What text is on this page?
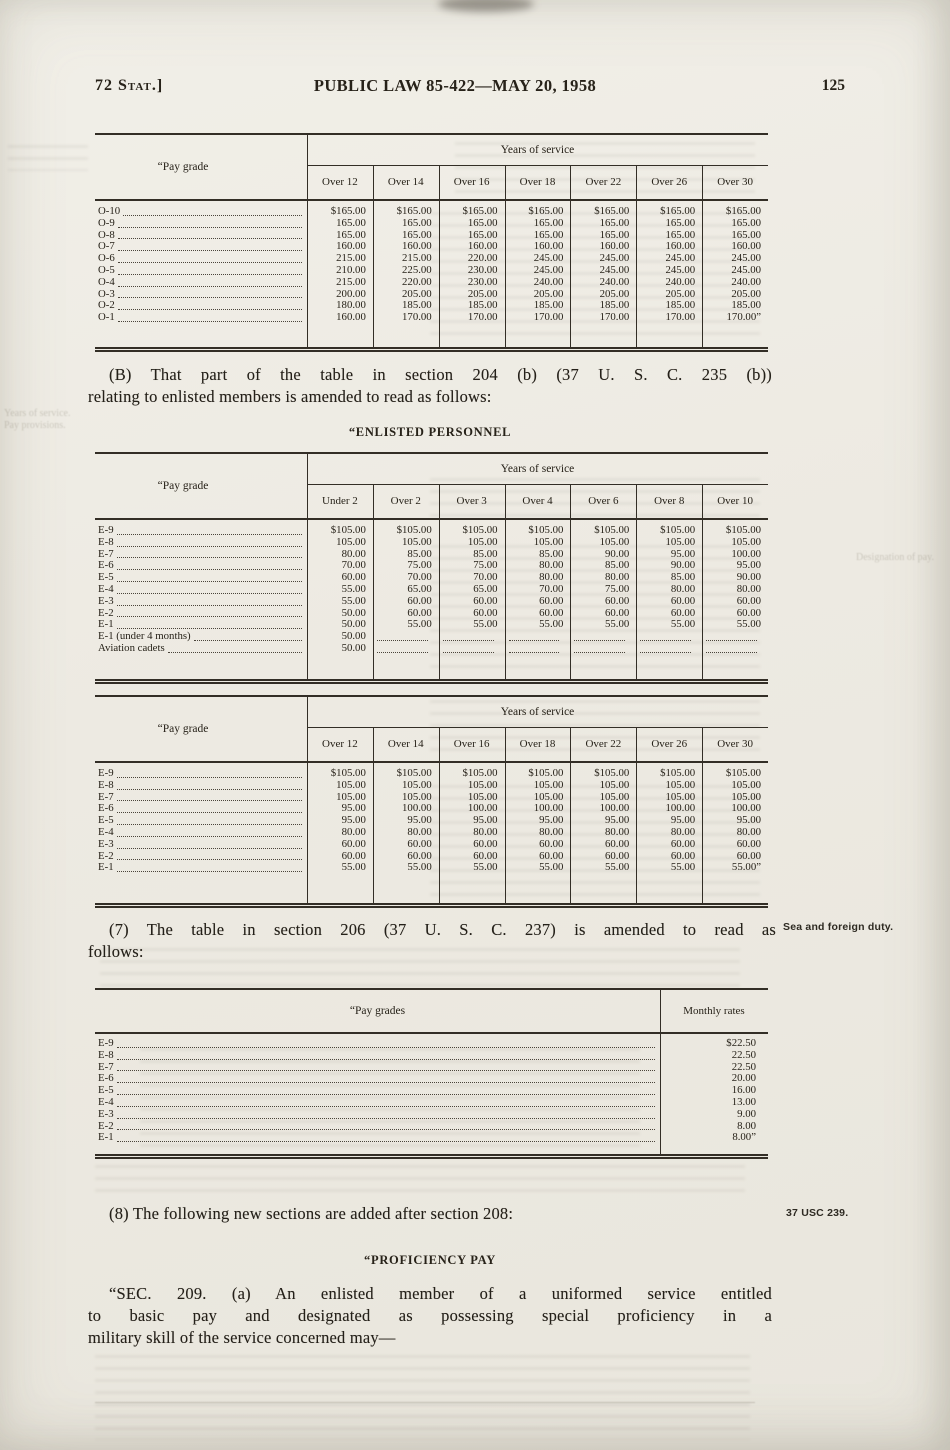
Years of service.
Pay provisions.
Designation of pay.
72 Stat.]	PUBLIC LAW 85-422—MAY 20, 1958	125
“Pay grade
Years of service
Over 12	Over 14	Over 16	Over 18	Over 22	Over 26	Over 30
O-10	$165.00	$165.00	$165.00	$165.00	$165.00	$165.00	$165.00
O-9	165.00	165.00	165.00	165.00	165.00	165.00	165.00
O-8	165.00	165.00	165.00	165.00	165.00	165.00	165.00
O-7	160.00	160.00	160.00	160.00	160.00	160.00	160.00
O-6	215.00	215.00	220.00	245.00	245.00	245.00	245.00
O-5	210.00	225.00	230.00	245.00	245.00	245.00	245.00
O-4	215.00	220.00	230.00	240.00	240.00	240.00	240.00
O-3	200.00	205.00	205.00	205.00	205.00	205.00	205.00
O-2	180.00	185.00	185.00	185.00	185.00	185.00	185.00
O-1	160.00	170.00	170.00	170.00	170.00	170.00	170.00”
(B) That part of the table in section 204 (b) (37 U. S. C. 235 (b))
relating to enlisted members is amended to read as follows:
“ENLISTED PERSONNEL
“Pay grade
Years of service
Under 2	Over 2	Over 3	Over 4	Over 6	Over 8	Over 10
E-9	$105.00	$105.00	$105.00	$105.00	$105.00	$105.00	$105.00
E-8	105.00	105.00	105.00	105.00	105.00	105.00	105.00
E-7	80.00	85.00	85.00	85.00	90.00	95.00	100.00
E-6	70.00	75.00	75.00	80.00	85.00	90.00	95.00
E-5	60.00	70.00	70.00	80.00	80.00	85.00	90.00
E-4	55.00	65.00	65.00	70.00	75.00	80.00	80.00
E-3	55.00	60.00	60.00	60.00	60.00	60.00	60.00
E-2	50.00	60.00	60.00	60.00	60.00	60.00	60.00
E-1	50.00	55.00	55.00	55.00	55.00	55.00	55.00
E-1 (under 4 months)	50.00
Aviation cadets	50.00
“Pay grade
Years of service
Over 12	Over 14	Over 16	Over 18	Over 22	Over 26	Over 30
E-9	$105.00	$105.00	$105.00	$105.00	$105.00	$105.00	$105.00
E-8	105.00	105.00	105.00	105.00	105.00	105.00	105.00
E-7	105.00	105.00	105.00	105.00	105.00	105.00	105.00
E-6	95.00	100.00	100.00	100.00	100.00	100.00	100.00
E-5	95.00	95.00	95.00	95.00	95.00	95.00	95.00
E-4	80.00	80.00	80.00	80.00	80.00	80.00	80.00
E-3	60.00	60.00	60.00	60.00	60.00	60.00	60.00
E-2	60.00	60.00	60.00	60.00	60.00	60.00	60.00
E-1	55.00	55.00	55.00	55.00	55.00	55.00	55.00”
(7) The table in section 206 (37 U. S. C. 237) is amended to read as
follows:
Sea and foreign duty.
“Pay grades	Monthly rates
E-9	$22.50
E-8	22.50
E-7	22.50
E-6	20.00
E-5	16.00
E-4	13.00
E-3	9.00
E-2	8.00
E-1	8.00”
(8) The following new sections are added after section 208:	37 USC 239.
“PROFICIENCY PAY
“SEC. 209. (a) An enlisted member of a uniformed service entitled
to basic pay and designated as possessing special proficiency in a
military skill of the service concerned may—
